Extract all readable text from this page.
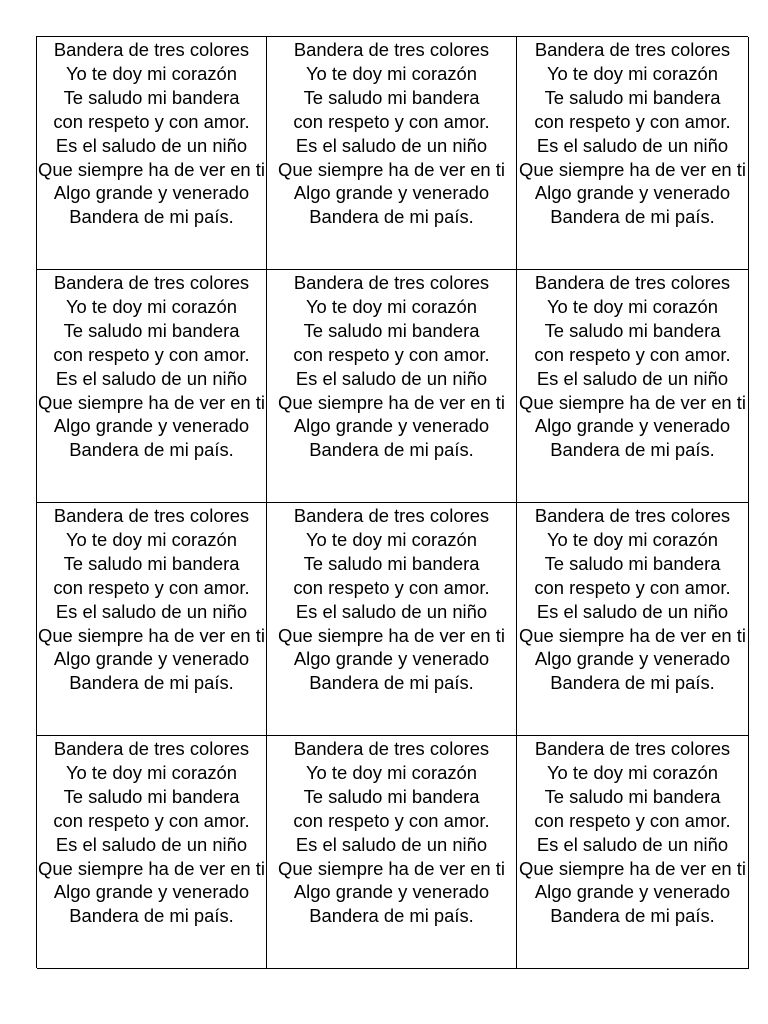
Bandera de tres colores
Yo te doy mi corazón
Te saludo mi bandera
con respeto y con amor.
Es el saludo de un niño
Que siempre ha de ver en ti
Algo grande y venerado
Bandera de mi país.
Bandera de tres colores
Yo te doy mi corazón
Te saludo mi bandera
con respeto y con amor.
Es el saludo de un niño
Que siempre ha de ver en ti
Algo grande y venerado
Bandera de mi país.
Bandera de tres colores
Yo te doy mi corazón
Te saludo mi bandera
con respeto y con amor.
Es el saludo de un niño
Que siempre ha de ver en ti
Algo grande y venerado
Bandera de mi país.
Bandera de tres colores
Yo te doy mi corazón
Te saludo mi bandera
con respeto y con amor.
Es el saludo de un niño
Que siempre ha de ver en ti
Algo grande y venerado
Bandera de mi país.
Bandera de tres colores
Yo te doy mi corazón
Te saludo mi bandera
con respeto y con amor.
Es el saludo de un niño
Que siempre ha de ver en ti
Algo grande y venerado
Bandera de mi país.
Bandera de tres colores
Yo te doy mi corazón
Te saludo mi bandera
con respeto y con amor.
Es el saludo de un niño
Que siempre ha de ver en ti
Algo grande y venerado
Bandera de mi país.
Bandera de tres colores
Yo te doy mi corazón
Te saludo mi bandera
con respeto y con amor.
Es el saludo de un niño
Que siempre ha de ver en ti
Algo grande y venerado
Bandera de mi país.
Bandera de tres colores
Yo te doy mi corazón
Te saludo mi bandera
con respeto y con amor.
Es el saludo de un niño
Que siempre ha de ver en ti
Algo grande y venerado
Bandera de mi país.
Bandera de tres colores
Yo te doy mi corazón
Te saludo mi bandera
con respeto y con amor.
Es el saludo de un niño
Que siempre ha de ver en ti
Algo grande y venerado
Bandera de mi país.
Bandera de tres colores
Yo te doy mi corazón
Te saludo mi bandera
con respeto y con amor.
Es el saludo de un niño
Que siempre ha de ver en ti
Algo grande y venerado
Bandera de mi país.
Bandera de tres colores
Yo te doy mi corazón
Te saludo mi bandera
con respeto y con amor.
Es el saludo de un niño
Que siempre ha de ver en ti
Algo grande y venerado
Bandera de mi país.
Bandera de tres colores
Yo te doy mi corazón
Te saludo mi bandera
con respeto y con amor.
Es el saludo de un niño
Que siempre ha de ver en ti
Algo grande y venerado
Bandera de mi país.
